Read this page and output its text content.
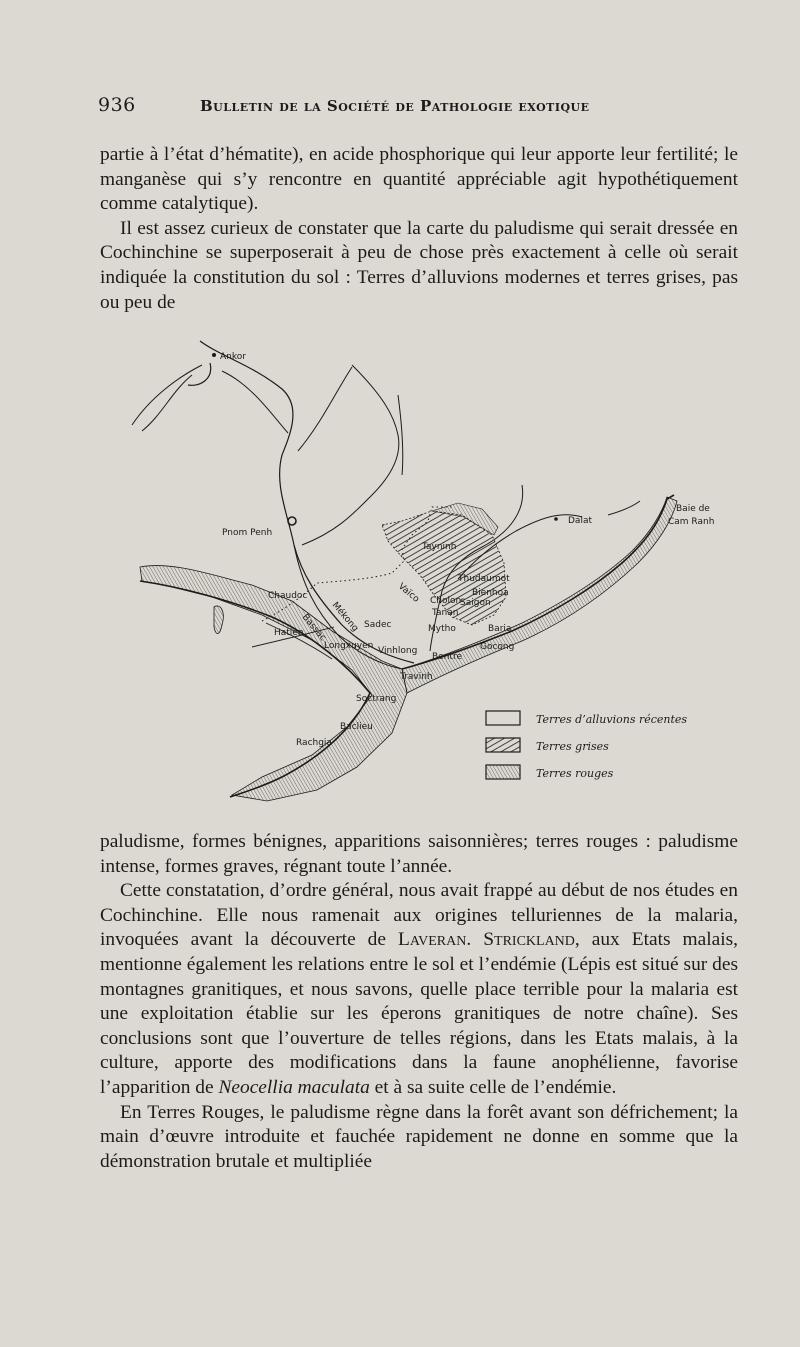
936	Bulletin de la Société de Pathologie exotique

partie à l’état d’hématite), en acide phosphorique qui leur apporte leur fertilité; le manganèse qui s’y rencontre en quantité appréciable agit hypothétiquement comme catalytique).

Il est assez curieux de constater que la carte du paludisme qui serait dressée en Cochinchine se superposerait à peu de chose près exactement à celle où serait indiquée la constitution du sol : Terres d’alluvions modernes et terres grises, pas ou peu de

Ankor
Pnom Penh
Dalat
Baie de
Cam Ranh
Chaudoc
Hatien
Sadec
Longxuyen Vinhlong
Mytho
Bentre
Gocong
Travinh
Soctrang
Baclieu
Rachgia
Tayninh
Thudaumot
Bienhoa
Saigon
Cholon
Tanan
Baria
Mékong
Bassac
Vaïco
Terres d’alluvions récentes
Terres grises
Terres rouges

paludisme, formes bénignes, apparitions saisonnières; terres rouges : paludisme intense, formes graves, régnant toute l’année.

Cette constatation, d’ordre général, nous avait frappé au début de nos études en Cochinchine. Elle nous ramenait aux origines telluriennes de la malaria, invoquées avant la découverte de Laveran. Strickland, aux Etats malais, mentionne également les relations entre le sol et l’endémie (Lépis est situé sur des montagnes granitiques, et nous savons, quelle place terrible pour la malaria est une exploitation établie sur les éperons granitiques de notre chaîne). Ses conclusions sont que l’ouverture de telles régions, dans les Etats malais, à la culture, apporte des modifications dans la faune anophélienne, favorise l’apparition de Neocellia maculata et à sa suite celle de l’endémie.

En Terres Rouges, le paludisme règne dans la forêt avant son défrichement; la main d’œuvre introduite et fauchée rapidement ne donne en somme que la démonstration brutale et multipliée
